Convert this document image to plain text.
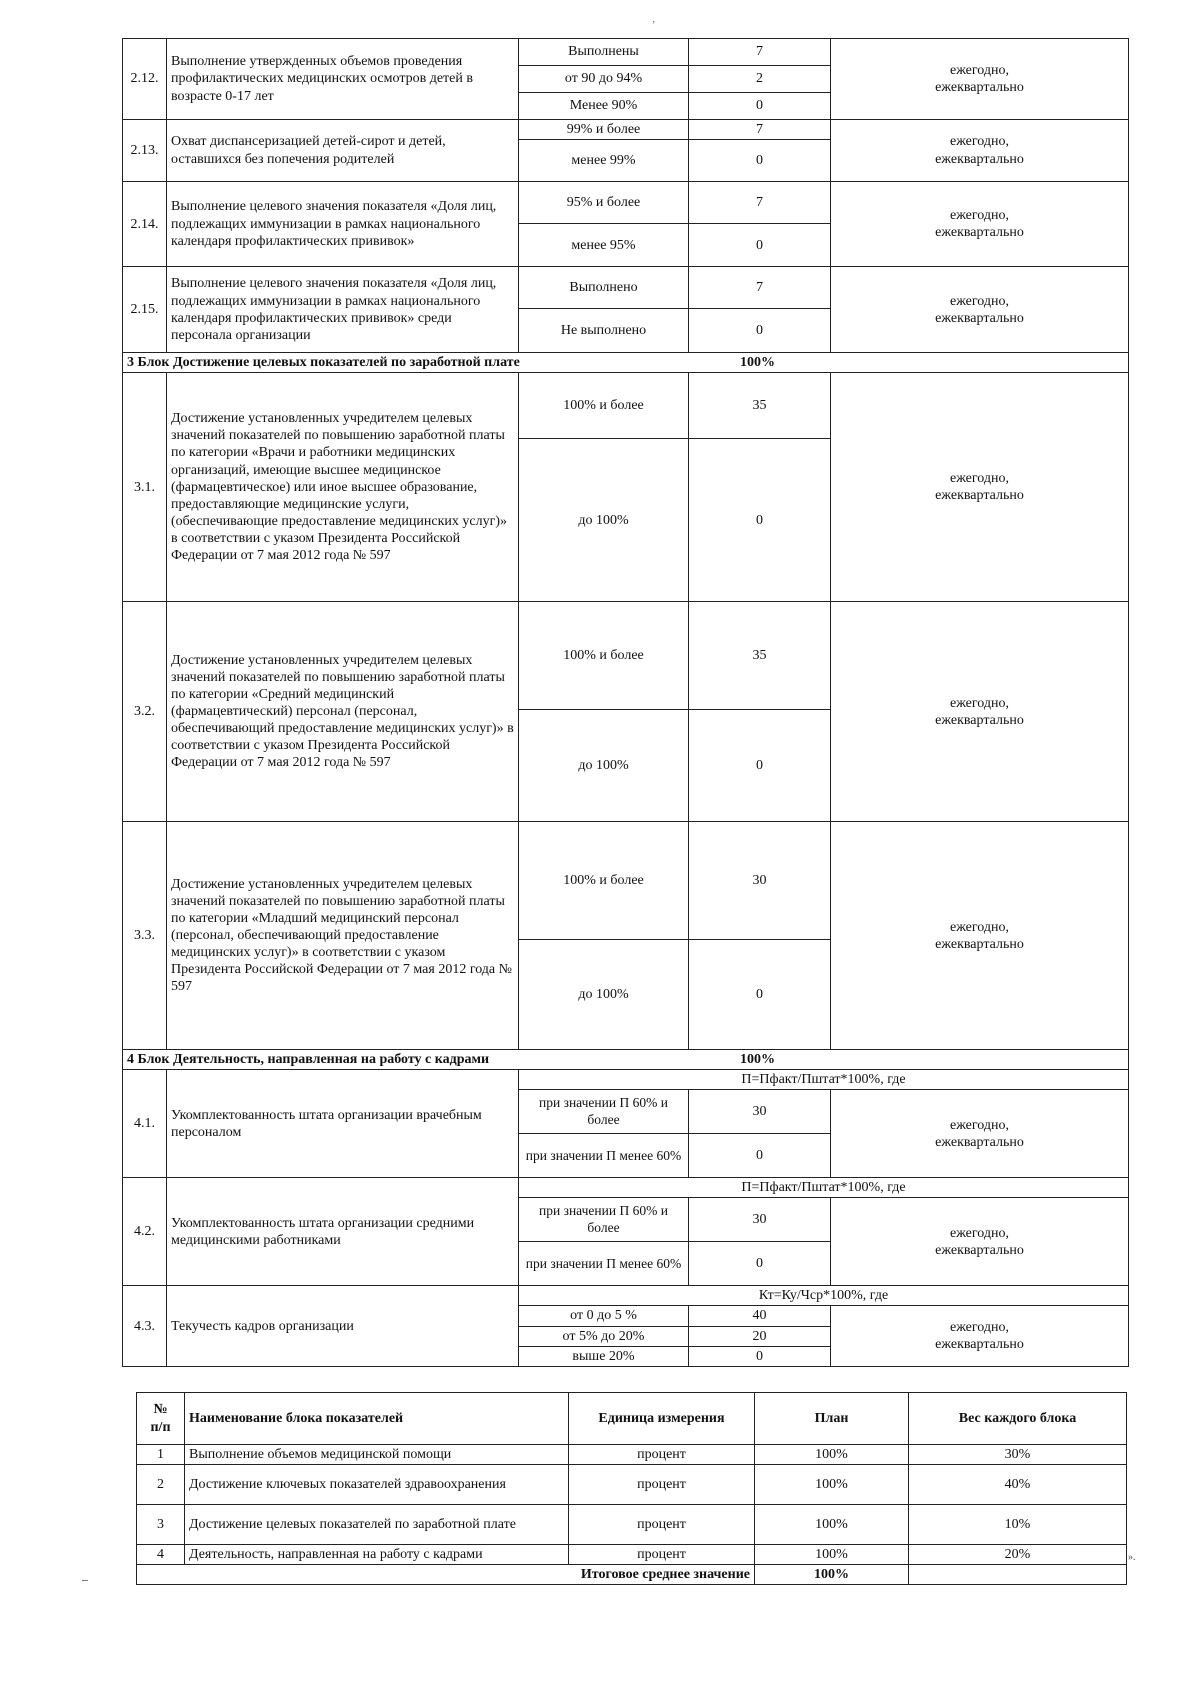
‚
».
2.12.	Выполнение утвержденных объемов проведения профилактических медицинских осмотров детей в возрасте 0-17 лет	Выполнены	7	ежегодно,
ежеквартально
		от 90 до 94%	2	
		Менее 90%	0	
2.13.	Охват диспансеризацией детей-сирот и детей, оставшихся без попечения родителей	99% и более	7	ежегодно,
ежеквартально
		менее 99%	0	
2.14.	Выполнение целевого значения показателя «Доля лиц, подлежащих иммунизации в рамках национального календаря профилактических прививок»	95% и более	7	ежегодно,
ежеквартально
		менее 95%	0	
2.15.	Выполнение целевого значения показателя «Доля лиц, подлежащих иммунизации в рамках национального календаря профилактических прививок» среди персонала организации	Выполнено	7	ежегодно,
ежеквартально
		Не выполнено	0	
3 Блок Достижение целевых показателей по заработной плате			100%	
3.1.	Достижение установленных учредителем целевых значений показателей по повышению заработной платы по категории «Врачи и работники медицинских организаций, имеющие высшее медицинское (фармацевтическое) или иное высшее образование, предоставляющие медицинские услуги, (обеспечивающие предоставление медицинских услуг)» в соответствии с указом Президента Российской Федерации от 7 мая 2012 года № 597	100% и более	35	ежегодно,
ежеквартально
		до 100%	0	
3.2.	Достижение установленных учредителем целевых значений показателей по повышению заработной платы по категории «Средний медицинский (фармацевтический) персонал (персонал, обеспечивающий предоставление медицинских услуг)» в соответствии с указом Президента Российской Федерации от 7 мая 2012 года № 597	100% и более	35	ежегодно,
ежеквартально
		до 100%	0	
3.3.	Достижение установленных учредителем целевых значений показателей по повышению заработной платы по категории «Младший медицинский персонал (персонал, обеспечивающий предоставление медицинских услуг)» в соответствии с указом Президента Российской Федерации от 7 мая 2012 года № 597	100% и более	30	ежегодно,
ежеквартально
		до 100%	0	
4 Блок Деятельность, направленная на работу с кадрами			100%	
4.1.	Укомплектованность штата организации врачебным персоналом	П=Пфакт/Пштат*100%, где		
		при значении П 60% и более	30	ежегодно,
ежеквартально
		при значении П менее 60%	0	
4.2.	Укомплектованность штата организации средними медицинскими работниками	П=Пфакт/Пштат*100%, где		
		при значении П 60% и более	30	ежегодно,
ежеквартально
		при значении П менее 60%	0	
4.3.	Текучесть кадров организации	Кт=Ку/Чср*100%, где		
		от 0 до 5 %	40	ежегодно,
ежеквартально
		от 5% до 20%	20	
		выше 20%	0	
№
п/п	Наименование блока показателей	Единица измерения	План	Вес каждого блока
1	Выполнение объемов медицинской помощи	процент	100%	30%
2	Достижение ключевых показателей здравоохранения	процент	100%	40%
3	Достижение целевых показателей по заработной плате	процент	100%	10%
4	Деятельность, направленная на работу с кадрами	процент	100%	20%
Итоговое среднее значение			100%	
